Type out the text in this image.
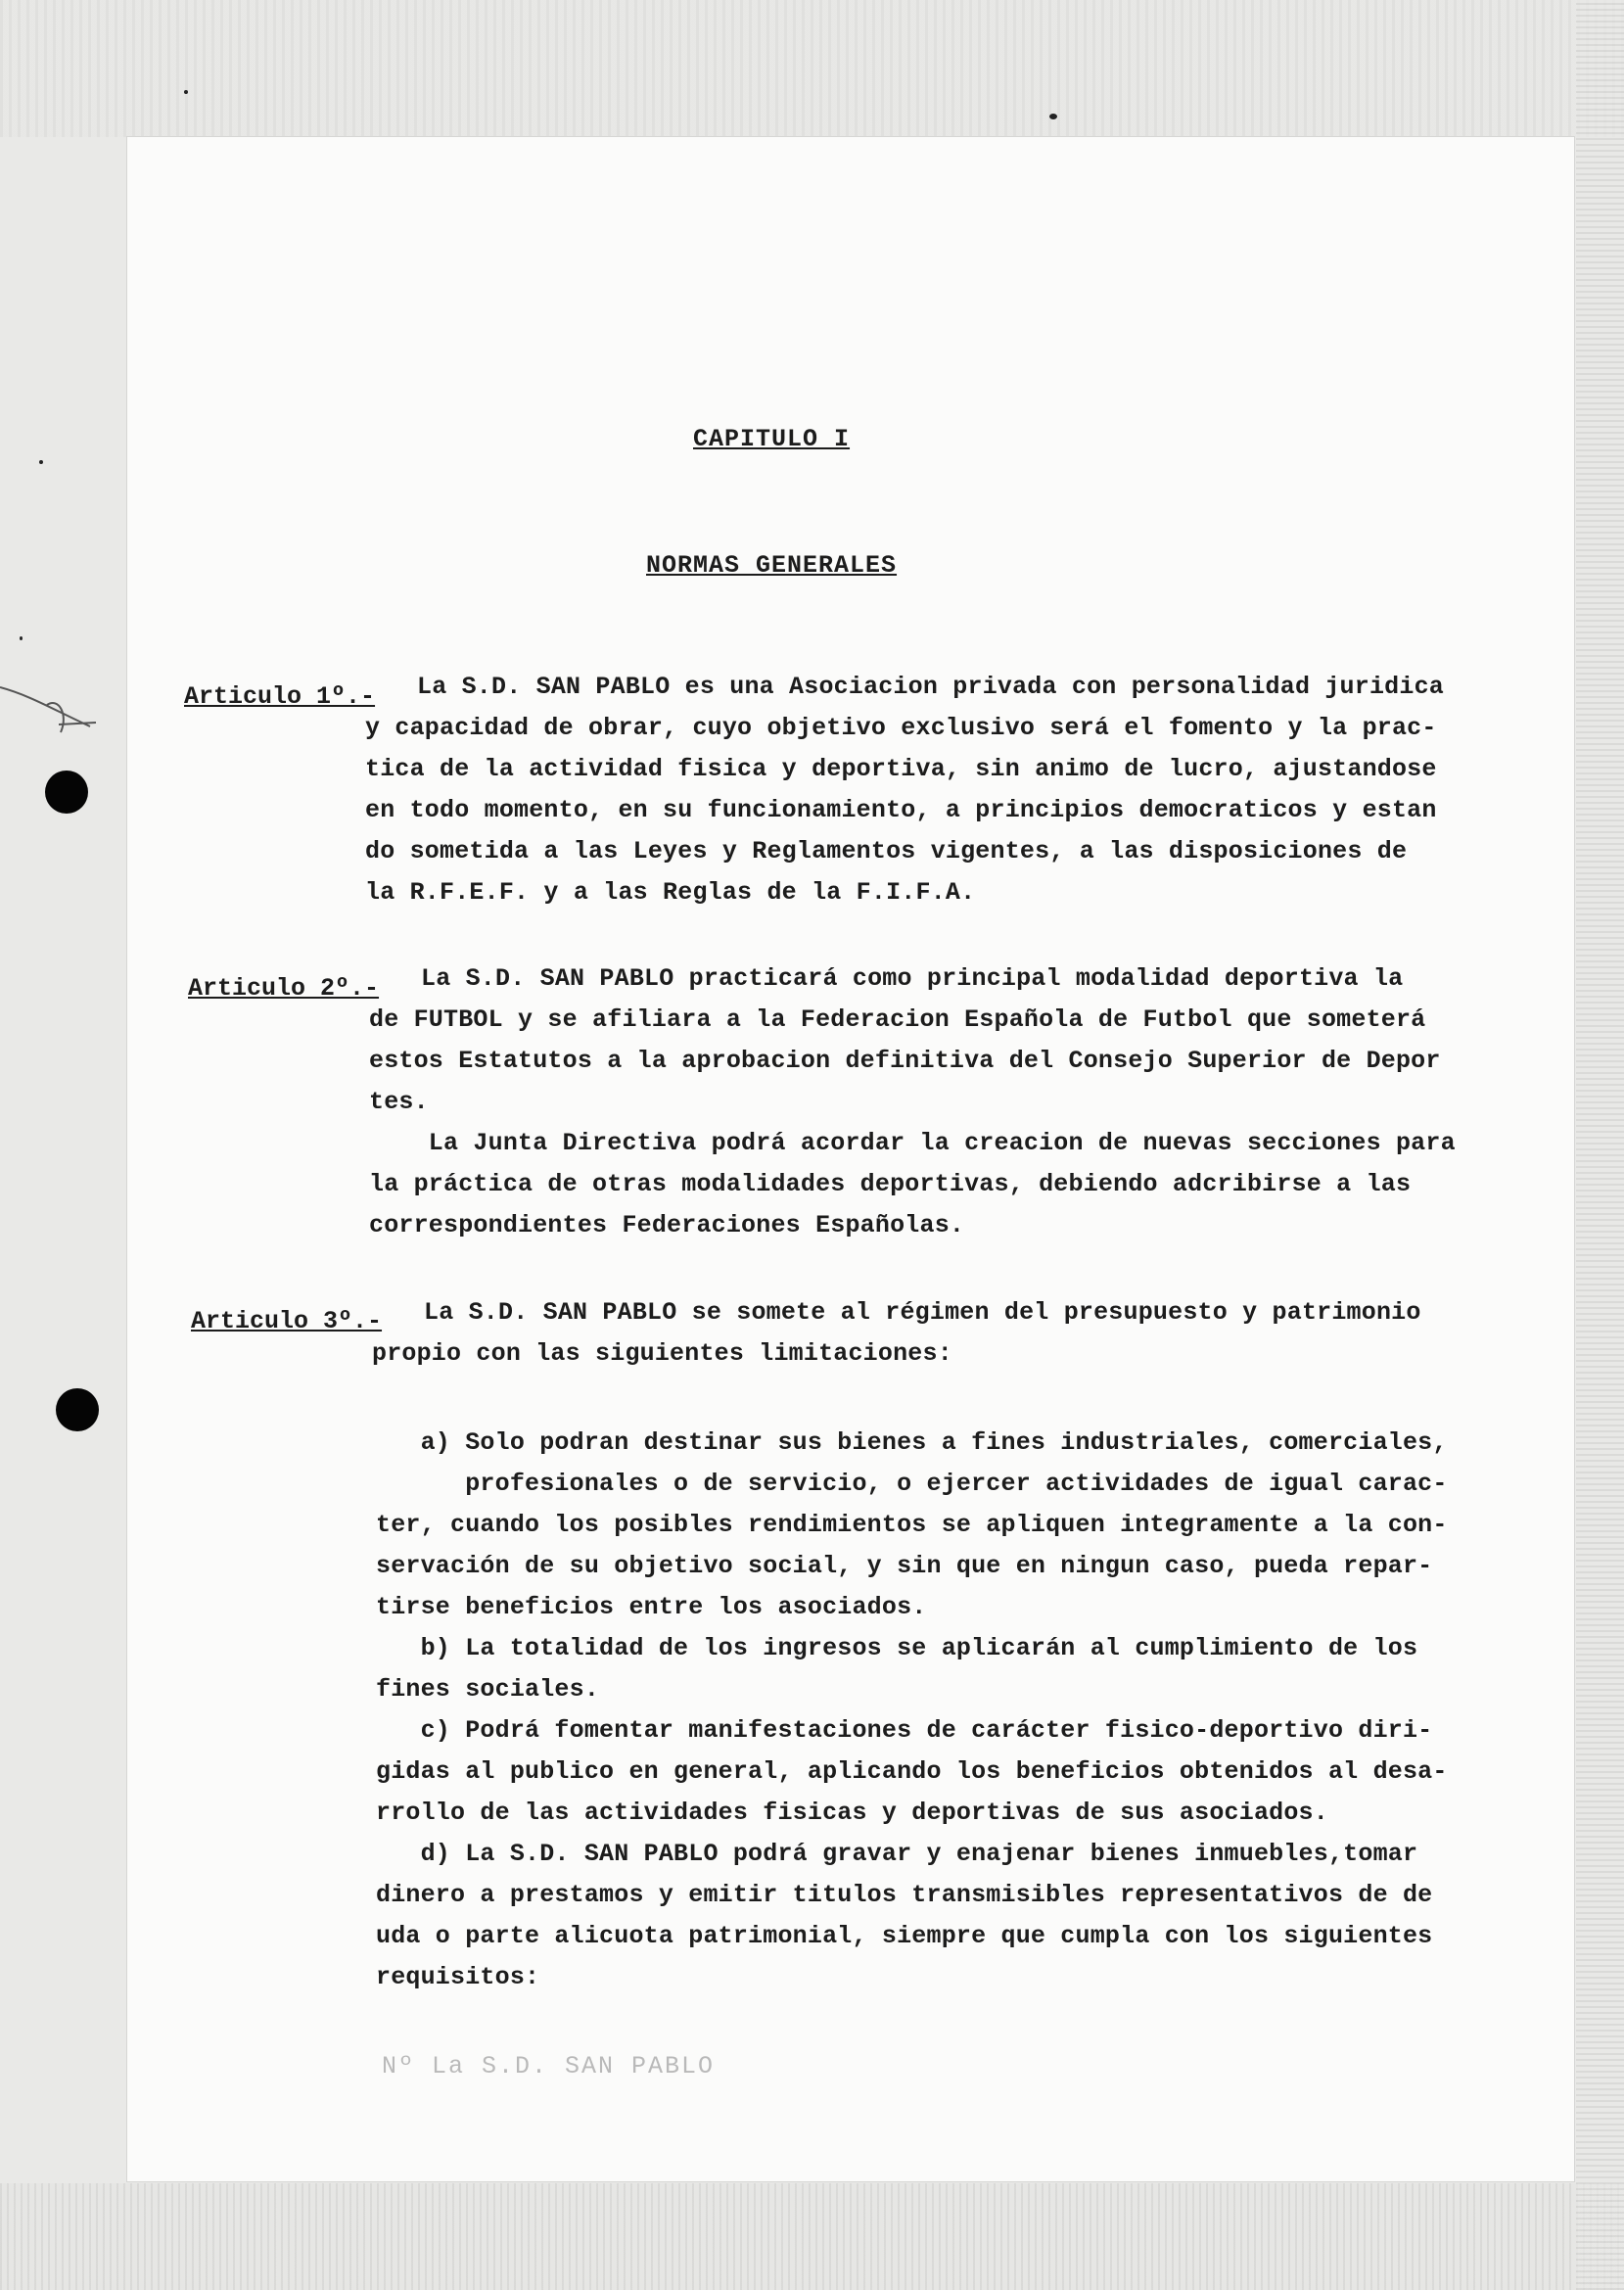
CAPITULO I
NORMAS GENERALES
Articulo 1º.- La S.D. SAN PABLO es una Asociacion privada con personalidad juridica
y capacidad de obrar, cuyo objetivo exclusivo será el fomento y la prac-
tica de la actividad fisica y deportiva, sin animo de lucro, ajustandose
en todo momento, en su funcionamiento, a principios democraticos y estan
do sometida a las Leyes y Reglamentos vigentes, a las disposiciones de
la R.F.E.F. y a las Reglas de la F.I.F.A.
Articulo 2º.- La S.D. SAN PABLO practicará como principal modalidad deportiva la
de FUTBOL y se afiliara a la Federacion Española de Futbol que someterá
estos Estatutos a la aprobacion definitiva del Consejo Superior de Depor
tes.
La Junta Directiva podrá acordar la creacion de nuevas secciones para
la práctica de otras modalidades deportivas, debiendo adcribirse a las
correspondientes Federaciones Españolas.
Articulo 3º.- La S.D. SAN PABLO se somete al régimen del presupuesto y patrimonio
propio con las siguientes limitaciones:
a) Solo podran destinar sus bienes a fines industriales, comerciales,
profesionales o de servicio, o ejercer actividades de igual carac-
ter, cuando los posibles rendimientos se apliquen integramente a la con-
servación de su objetivo social, y sin que en ningun caso, pueda repar-
tirse beneficios entre los asociados.
b) La totalidad de los ingresos se aplicarán al cumplimiento de los
fines sociales.
c) Podrá fomentar manifestaciones de carácter fisico-deportivo diri-
gidas al publico en general, aplicando los beneficios obtenidos al desa-
rrollo de las actividades fisicas y deportivas de sus asociados.
d) La S.D. SAN PABLO podrá gravar y enajenar bienes inmuebles,tomar
dinero a prestamos y emitir titulos transmisibles representativos de de
uda o parte alicuota patrimonial, siempre que cumpla con los siguientes
requisitos:
Nº La S.D. SAN PABLO
